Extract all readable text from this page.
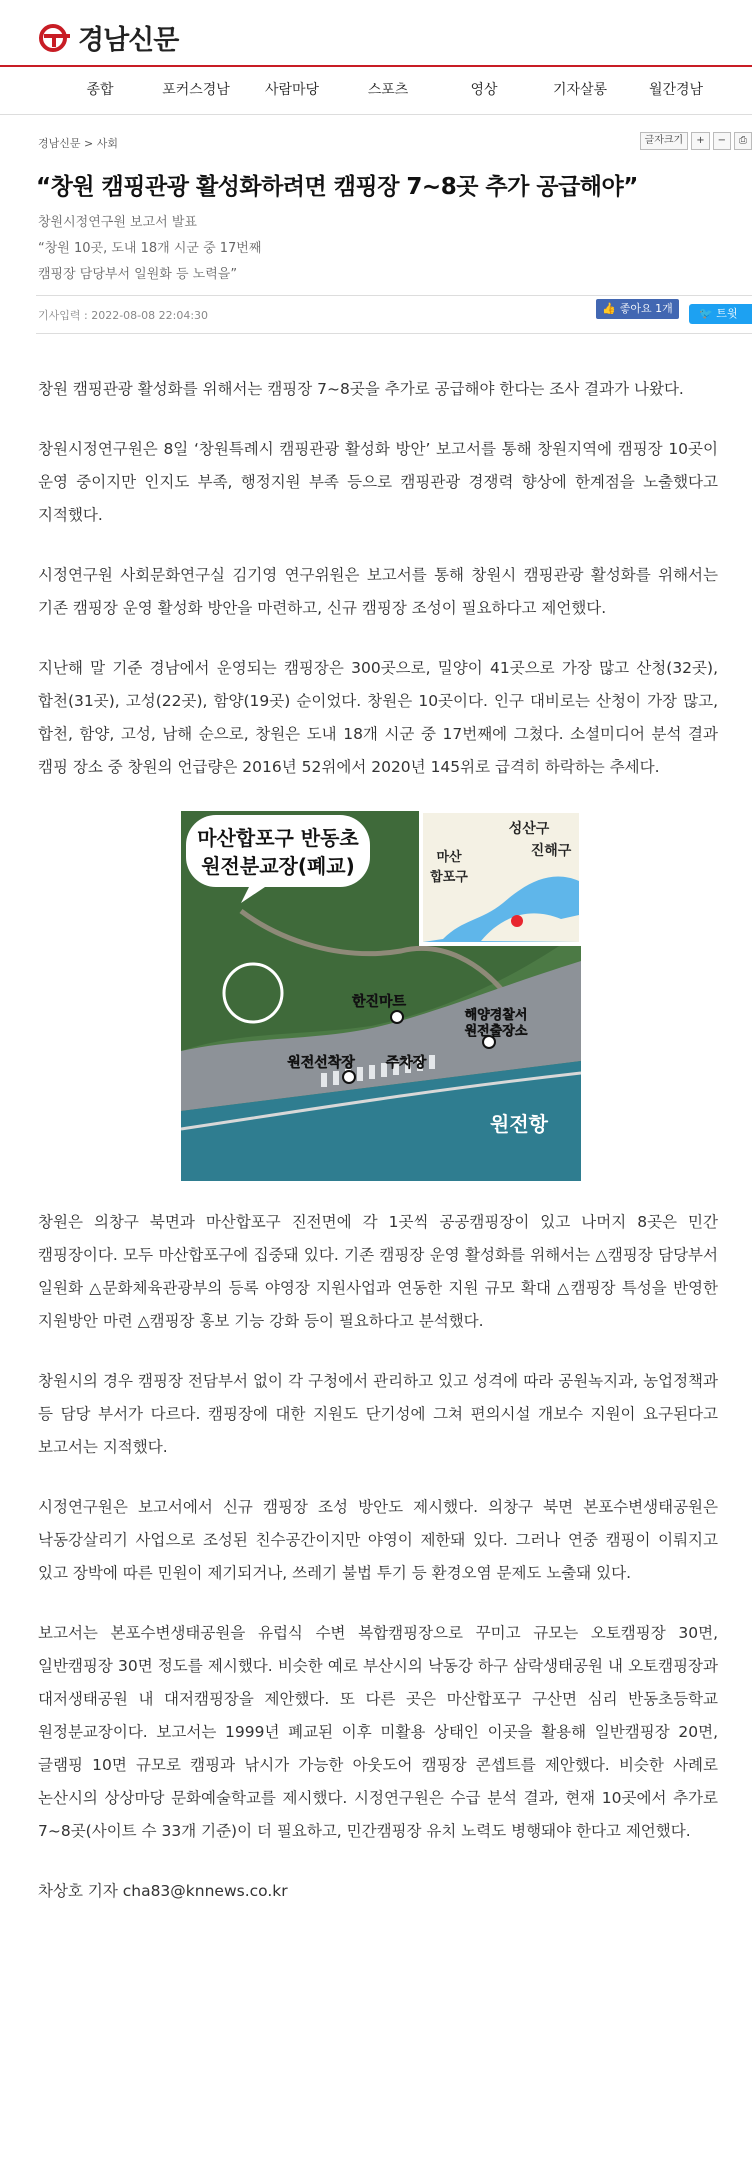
경남신문
종합	포커스경남	사람마당	스포츠	영상	기자살롱	월간경남
경남신문 > 사회	글자크기	+	−	⎙
“창원 캠핑관광 활성화하려면 캠핑장 7~8곳 추가 공급해야”
창원시정연구원 보고서 발표
“창원 10곳, 도내 18개 시군 중 17번째
캠핑장 담당부서 일원화 등 노력을”
기사입력 : 2022-08-08 22:04:30
👍 좋아요 1개	🐦 트윗

창원 캠핑관광 활성화를 위해서는 캠핑장 7~8곳을 추가로 공급해야 한다는 조사 결과가 나왔다.

창원시정연구원은 8일 ‘창원특례시 캠핑관광 활성화 방안’ 보고서를 통해 창원지역에 캠핑장 10곳이 운영 중이지만 인지도 부족, 행정지원 부족 등으로 캠핑관광 경쟁력 향상에 한계점을 노출했다고 지적했다.

시정연구원 사회문화연구실 김기영 연구위원은 보고서를 통해 창원시 캠핑관광 활성화를 위해서는 기존 캠핑장 운영 활성화 방안을 마련하고, 신규 캠핑장 조성이 필요하다고 제언했다.

지난해 말 기준 경남에서 운영되는 캠핑장은 300곳으로, 밀양이 41곳으로 가장 많고 산청(32곳), 합천(31곳), 고성(22곳), 함양(19곳) 순이었다. 창원은 10곳이다. 인구 대비로는 산청이 가장 많고, 합천, 함양, 고성, 남해 순으로, 창원은 도내 18개 시군 중 17번째에 그쳤다. 소셜미디어 분석 결과 캠핑 장소 중 창원의 언급량은 2016년 52위에서 2020년 145위로 급격히 하락하는 추세다.

마산합포구 반동초
원전분교장(폐교)
성산구
진해구
마산
합포구
한진마트
해양경찰서
원전출장소
원전선착장 주차장
원전항

창원은 의창구 북면과 마산합포구 진전면에 각 1곳씩 공공캠핑장이 있고 나머지 8곳은 민간 캠핑장이다. 모두 마산합포구에 집중돼 있다. 기존 캠핑장 운영 활성화를 위해서는 △캠핑장 담당부서 일원화 △문화체육관광부의 등록 야영장 지원사업과 연동한 지원 규모 확대 △캠핑장 특성을 반영한 지원방안 마련 △캠핑장 홍보 기능 강화 등이 필요하다고 분석했다.

창원시의 경우 캠핑장 전담부서 없이 각 구청에서 관리하고 있고 성격에 따라 공원녹지과, 농업정책과 등 담당 부서가 다르다. 캠핑장에 대한 지원도 단기성에 그쳐 편의시설 개보수 지원이 요구된다고 보고서는 지적했다.

시정연구원은 보고서에서 신규 캠핑장 조성 방안도 제시했다. 의창구 북면 본포수변생태공원은 낙동강살리기 사업으로 조성된 친수공간이지만 야영이 제한돼 있다. 그러나 연중 캠핑이 이뤄지고 있고 장박에 따른 민원이 제기되거나, 쓰레기 불법 투기 등 환경오염 문제도 노출돼 있다.

보고서는 본포수변생태공원을 유럽식 수변 복합캠핑장으로 꾸미고 규모는 오토캠핑장 30면, 일반캠핑장 30면 정도를 제시했다. 비슷한 예로 부산시의 낙동강 하구 삼락생태공원 내 오토캠핑장과 대저생태공원 내 대저캠핑장을 제안했다. 또 다른 곳은 마산합포구 구산면 심리 반동초등학교 원정분교장이다. 보고서는 1999년 폐교된 이후 미활용 상태인 이곳을 활용해 일반캠핑장 20면, 글램핑 10면 규모로 캠핑과 낚시가 가능한 아웃도어 캠핑장 콘셉트를 제안했다. 비슷한 사례로 논산시의 상상마당 문화예술학교를 제시했다. 시정연구원은 수급 분석 결과, 현재 10곳에서 추가로 7~8곳(사이트 수 33개 기준)이 더 필요하고, 민간캠핑장 유치 노력도 병행돼야 한다고 제언했다.

차상호 기자 cha83@knnews.co.kr
